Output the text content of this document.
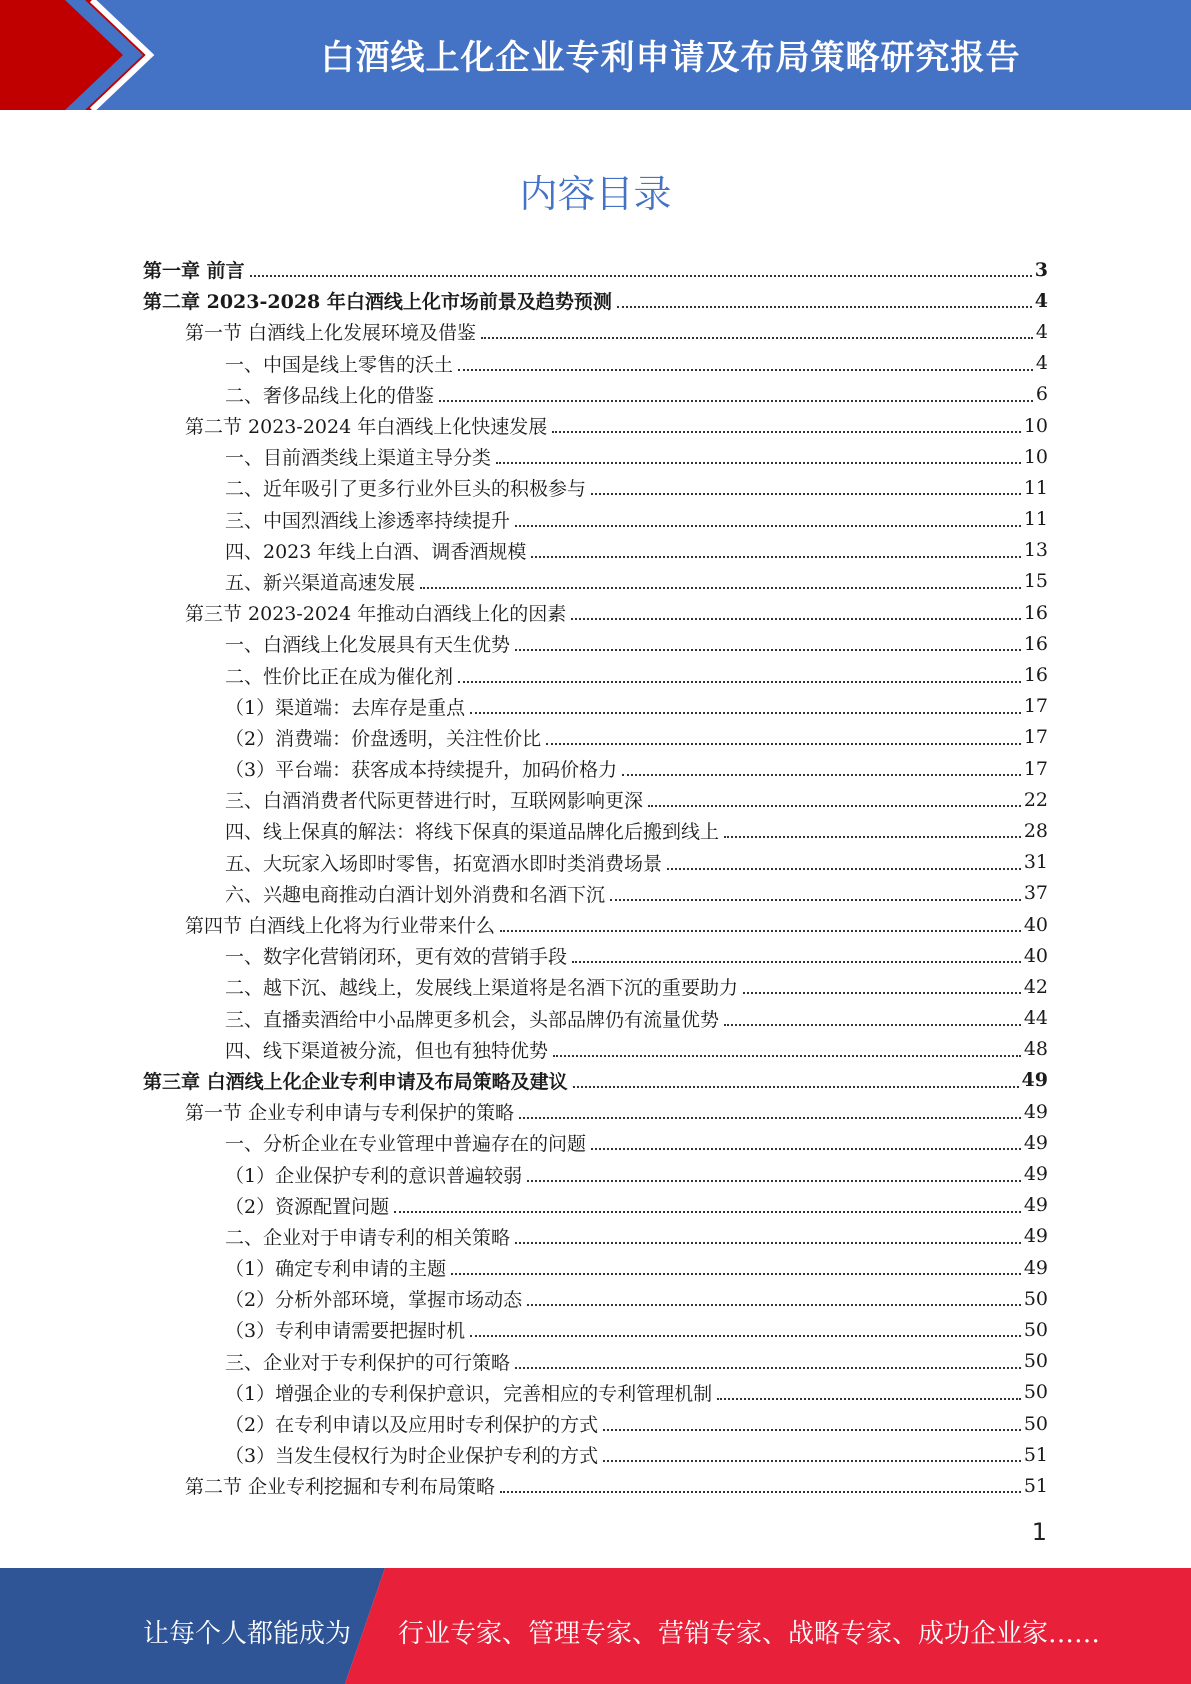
白酒线上化企业专利申请及布局策略研究报告
内容目录
第一章 前言	3
第二章 2023-2028 年白酒线上化市场前景及趋势预测	4
第一节 白酒线上化发展环境及借鉴	4
一、中国是线上零售的沃土	4
二、奢侈品线上化的借鉴	6
第二节 2023-2024 年白酒线上化快速发展	10
一、目前酒类线上渠道主导分类	10
二、近年吸引了更多行业外巨头的积极参与	11
三、中国烈酒线上渗透率持续提升	11
四、2023 年线上白酒、调香酒规模	13
五、新兴渠道高速发展	15
第三节 2023-2024 年推动白酒线上化的因素	16
一、白酒线上化发展具有天生优势	16
二、性价比正在成为催化剂	16
（1）渠道端：去库存是重点	17
（2）消费端：价盘透明，关注性价比	17
（3）平台端：获客成本持续提升，加码价格力	17
三、白酒消费者代际更替进行时，互联网影响更深	22
四、线上保真的解法：将线下保真的渠道品牌化后搬到线上	28
五、大玩家入场即时零售，拓宽酒水即时类消费场景	31
六、兴趣电商推动白酒计划外消费和名酒下沉	37
第四节 白酒线上化将为行业带来什么	40
一、数字化营销闭环，更有效的营销手段	40
二、越下沉、越线上，发展线上渠道将是名酒下沉的重要助力	42
三、直播卖酒给中小品牌更多机会，头部品牌仍有流量优势	44
四、线下渠道被分流，但也有独特优势	48
第三章 白酒线上化企业专利申请及布局策略及建议	49
第一节 企业专利申请与专利保护的策略	49
一、分析企业在专业管理中普遍存在的问题	49
（1）企业保护专利的意识普遍较弱	49
（2）资源配置问题	49
二、企业对于申请专利的相关策略	49
（1）确定专利申请的主题	49
（2）分析外部环境，掌握市场动态	50
（3）专利申请需要把握时机	50
三、企业对于专利保护的可行策略	50
（1）增强企业的专利保护意识，完善相应的专利管理机制	50
（2）在专利申请以及应用时专利保护的方式	50
（3）当发生侵权行为时企业保护专利的方式	51
第二节 企业专利挖掘和专利布局策略	51
1
让每个人都能成为 行业专家、管理专家、营销专家、战略专家、成功企业家……
